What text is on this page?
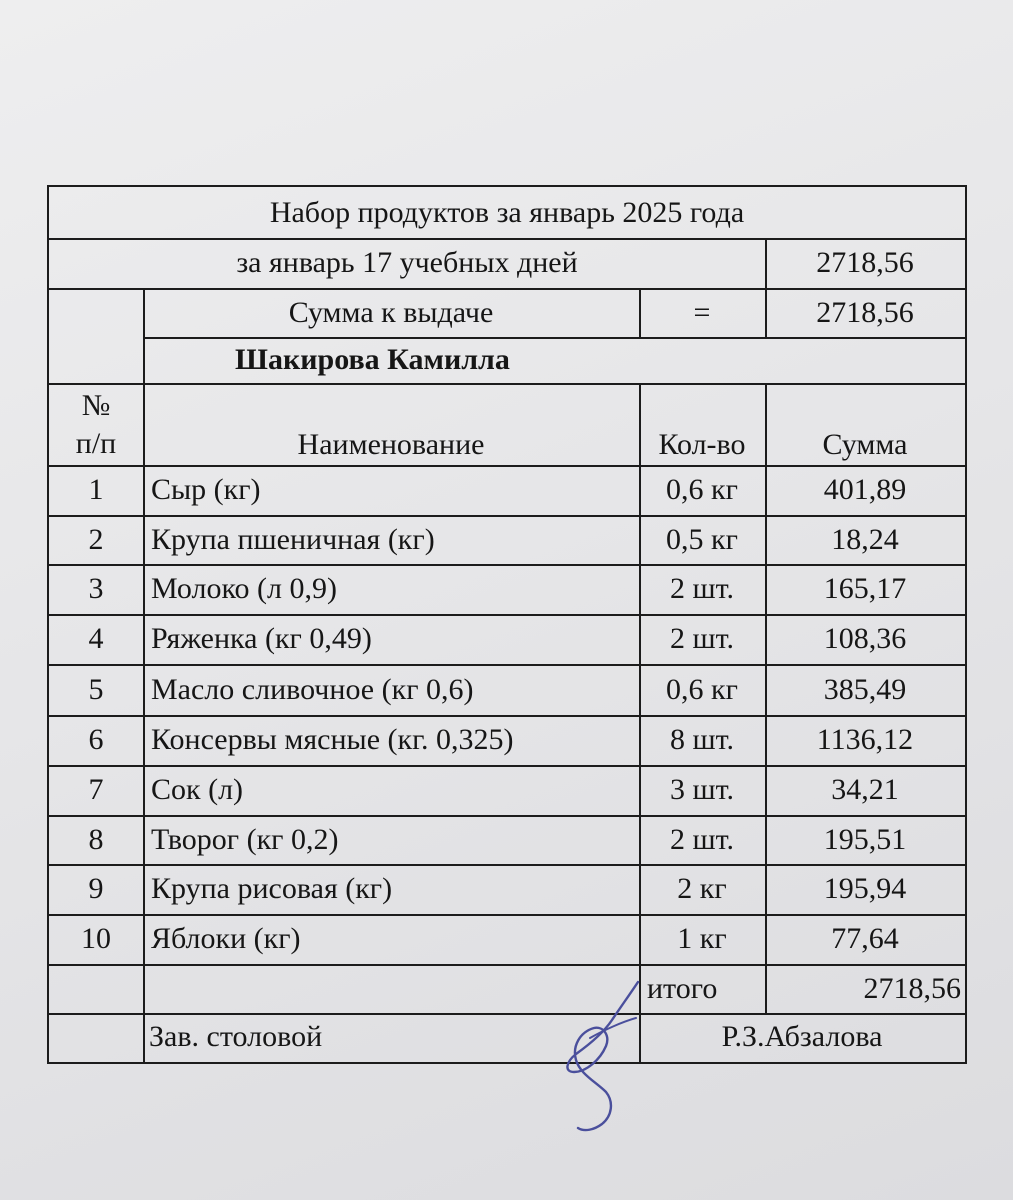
Набор продуктов за январь 2025 года
за январь 17 учебных дней	2718,56
Сумма к выдаче	=	2718,56
Шакирова Камилла
№
п/п	Наименование	Кол-во	Сумма
1	Сыр (кг)	0,6 кг	401,89
2	Крупа пшеничная (кг)	0,5 кг	18,24
3	Молоко (л 0,9)	2 шт.	165,17
4	Ряженка (кг 0,49)	2 шт.	108,36
5	Масло сливочное (кг 0,6)	0,6 кг	385,49
6	Консервы мясные (кг. 0,325)	8 шт.	1136,12
7	Сок (л)	3 шт.	34,21
8	Творог (кг 0,2)	2 шт.	195,51
9	Крупа рисовая (кг)	2 кг	195,94
10	Яблоки (кг)	1 кг	77,64
итого	2718,56
Зав. столовой	Р.З.Абзалова
